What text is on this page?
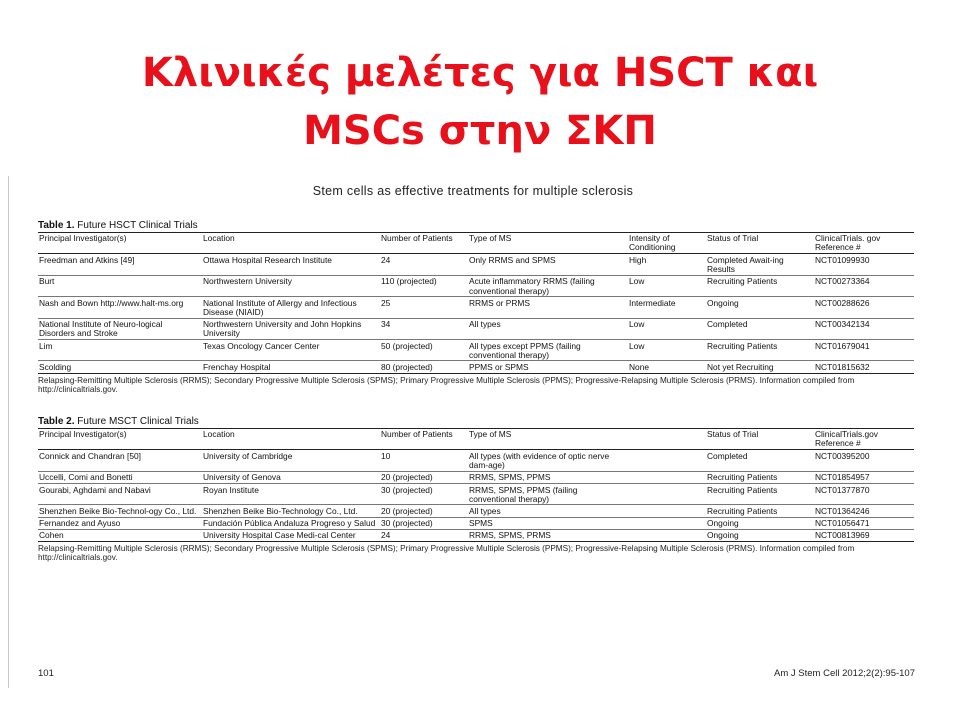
Κλινικές μελέτες για HSCT και
MSCs στην ΣΚΠ
Stem cells as effective treatments for multiple sclerosis
Table 1. Future HSCT Clinical Trials
Principal Investigator(s)	Location	Number of Patients	Type of MS	Intensity of Conditioning	Status of Trial	ClinicalTrials. gov Reference #
Freedman and Atkins [49]	Ottawa Hospital Research Institute	24	Only RRMS and SPMS	High	Completed Await-ing Results	NCT01099930
Burt	Northwestern University	110 (projected)	Acute inflammatory RRMS (failing conventional therapy)	Low	Recruiting Patients	NCT00273364
Nash and Bown http://www.halt-ms.org	National Institute of Allergy and Infectious Disease (NIAID)	25	RRMS or PRMS	Intermediate	Ongoing	NCT00288626
National Institute of Neuro-logical Disorders and Stroke	Northwestern University and John Hopkins University	34	All types	Low	Completed	NCT00342134
Lim	Texas Oncology Cancer Center	50 (projected)	All types except PPMS (failing conventional therapy)	Low	Recruiting Patients	NCT01679041
Scolding	Frenchay Hospital	80 (projected)	PPMS or SPMS	None	Not yet Recruiting	NCT01815632
Relapsing-Remitting Multiple Sclerosis (RRMS); Secondary Progressive Multiple Sclerosis (SPMS); Primary Progressive Multiple Sclerosis (PPMS); Progressive-Relapsing Multiple Sclerosis (PRMS). Information compiled from http://clinicaltrials.gov.
Table 2. Future MSCT Clinical Trials
Principal Investigator(s)	Location	Number of Patients	Type of MS		Status of Trial	ClinicalTrials.gov Reference #
Connick and Chandran [50]	University of Cambridge	10	All types (with evidence of optic nerve dam-age)		Completed	NCT00395200
Uccelli, Comi and Bonetti	University of Genova	20 (projected)	RRMS, SPMS, PPMS		Recruiting Patients	NCT01854957
Gourabi, Aghdami and Nabavi	Royan Institute	30 (projected)	RRMS, SPMS, PPMS (failing conventional therapy)		Recruiting Patients	NCT01377870
Shenzhen Beike Bio-Technol-ogy Co., Ltd.	Shenzhen Beike Bio-Technology Co., Ltd.	20 (projected)	All types		Recruiting Patients	NCT01364246
Fernandez and Ayuso	Fundación Pública Andaluza Progreso y Salud	30 (projected)	SPMS		Ongoing	NCT01056471
Cohen	University Hospital Case Medi-cal Center	24	RRMS, SPMS, PRMS		Ongoing	NCT00813969
Relapsing-Remitting Multiple Sclerosis (RRMS); Secondary Progressive Multiple Sclerosis (SPMS); Primary Progressive Multiple Sclerosis (PPMS); Progressive-Relapsing Multiple Sclerosis (PRMS). Information compiled from http://clinicaltrials.gov.
101	Am J Stem Cell 2012;2(2):95-107
